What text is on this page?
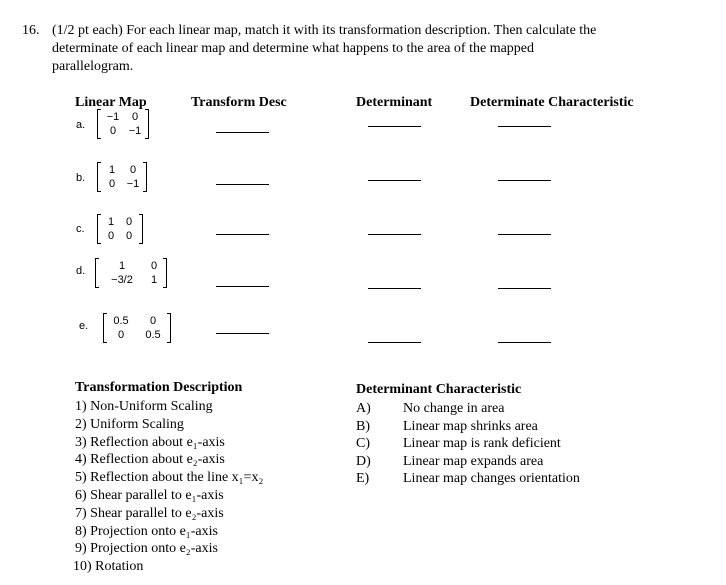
16. (1/2 pt each) For each linear map, match it with its transformation description. Then calculate the
determinate of each linear map and determine what happens to the area of the mapped
parallelogram.
Linear Map	Transform Desc	Determinant	Determinate Characteristic
a.
−1	0
0	−1
b.
1	0
0	−1
c.
1	0
0	0
d.	1	0
−3/2	1
e.	0.5	0
0	0.5
Transformation Description
1) Non-Uniform Scaling
2) Uniform Scaling
3) Reflection about e₁-axis
4) Reflection about e₂-axis
5) Reflection about the line x₁=x₂
6) Shear parallel to e₁-axis
7) Shear parallel to e₂-axis
8) Projection onto e₁-axis
9) Projection onto e₂-axis
10) Rotation
Determinant Characteristic
A)	No change in area
B)	Linear map shrinks area
C)	Linear map is rank deficient
D)	Linear map expands area
E)	Linear map changes orientation
